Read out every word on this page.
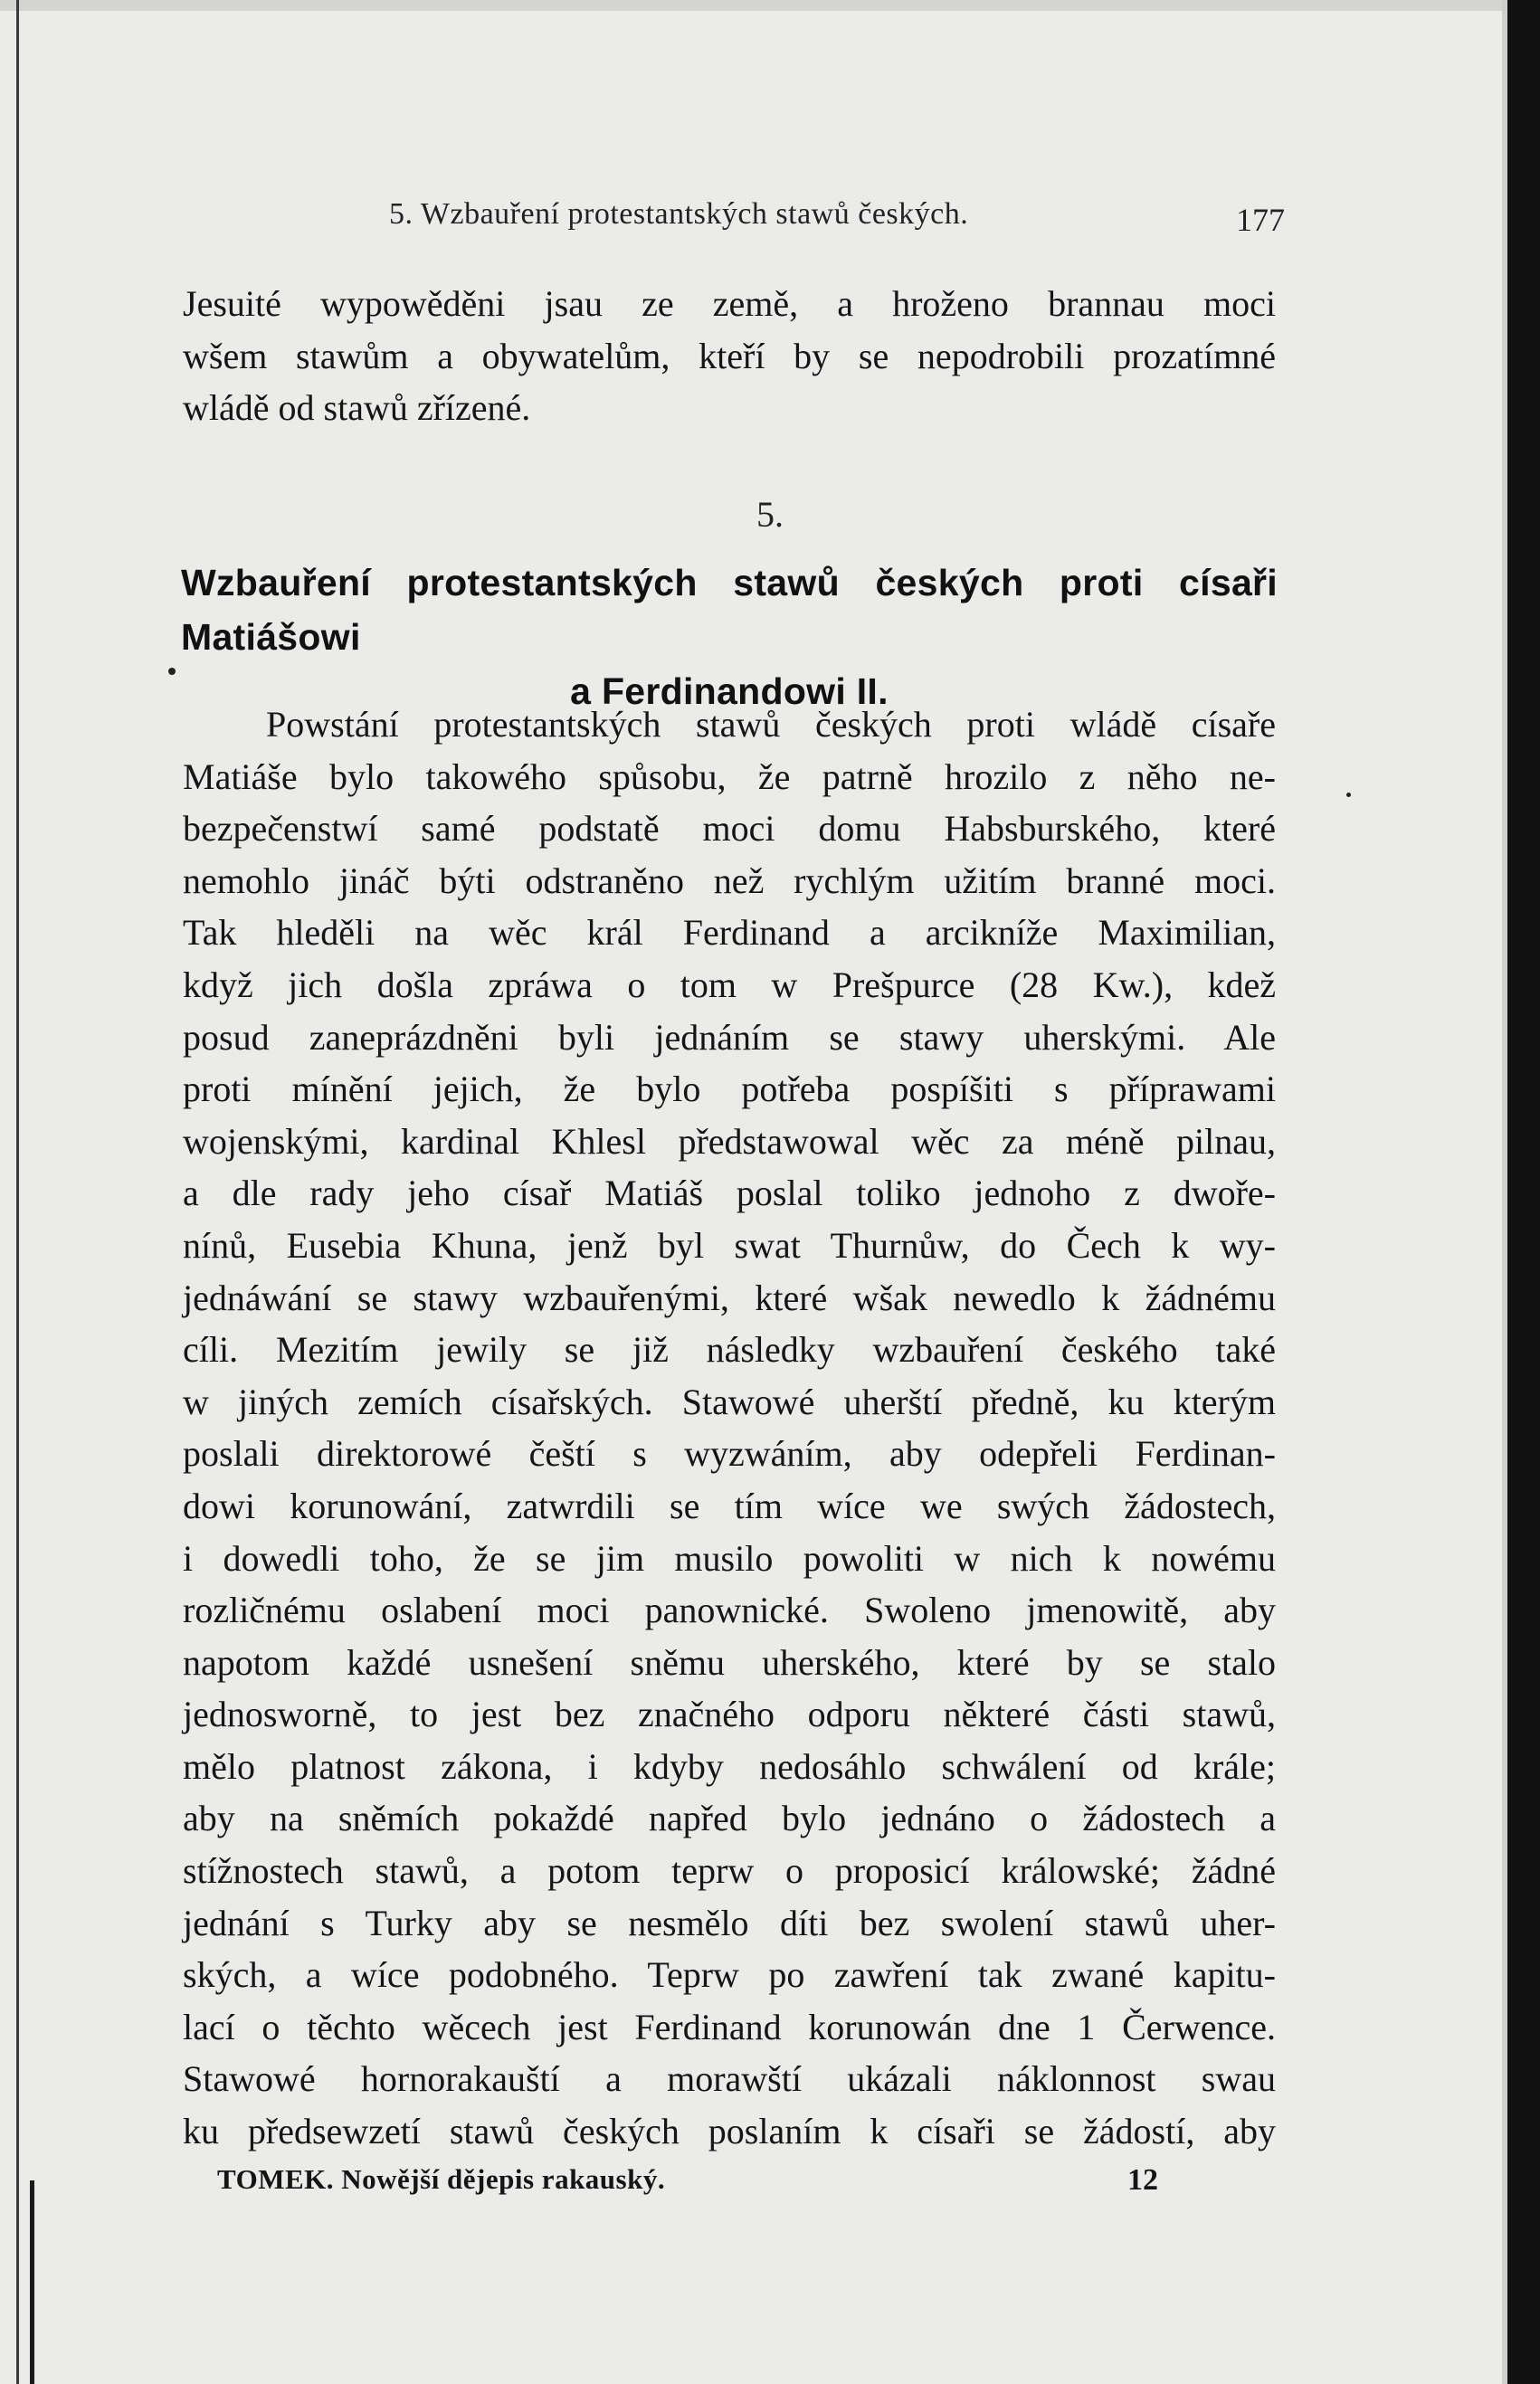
5. Wzbauření protestantských stawů českých.	177

Jesuité wypowěděni jsau ze země, a hroženo brannau moci

wšem stawům a obywatelům, kteří by se nepodrobili prozatímné

wládě od stawů zřízené.

5.
Wzbauření protestantských stawů českých proti císaři Matiášowi
a Ferdinandowi II.

Powstání protestantských stawů českých proti wládě císaře

Matiáše bylo takowého spůsobu, že patrně hrozilo z něho ne-

bezpečenstwí samé podstatě moci domu Habsburského, které

nemohlo jináč býti odstraněno než rychlým užitím branné moci.

Tak hleděli na wěc král Ferdinand a arcikníže Maximilian,

když jich došla zpráwa o tom w Prešpurce (28 Kw.), kdež

posud zaneprázdněni byli jednáním se stawy uherskými. Ale

proti mínění jejich, že bylo potřeba pospíšiti s příprawami

wojenskými, kardinal Khlesl předstawowal wěc za méně pilnau,

a dle rady jeho císař Matiáš poslal toliko jednoho z dwoře-

nínů, Eusebia Khuna, jenž byl swat Thurnůw, do Čech k wy-

jednáwání se stawy wzbauřenými, které wšak newedlo k žádnému

cíli. Mezitím jewily se již následky wzbauření českého také

w jiných zemích císařských. Stawowé uherští předně, ku kterým

poslali direktorowé čeští s wyzwáním, aby odepřeli Ferdinan-

dowi korunowání, zatwrdili se tím wíce we swých žádostech,

i dowedli toho, že se jim musilo powoliti w nich k nowému

rozličnému oslabení moci panownické. Swoleno jmenowitě, aby

napotom každé usnešení sněmu uherského, které by se stalo

jednosworně, to jest bez značného odporu některé části stawů,

mělo platnost zákona, i kdyby nedosáhlo schwálení od krále;

aby na sněmích pokaždé napřed bylo jednáno o žádostech a

stížnostech stawů, a potom teprw o proposicí králowské; žádné

jednání s Turky aby se nesmělo díti bez swolení stawů uher-

ských, a wíce podobného. Teprw po zawření tak zwané kapitu-

lací o těchto wěcech jest Ferdinand korunowán dne 1 Čerwence.

Stawowé hornorakauští a morawští ukázali náklonnost swau

ku předsewzetí stawů českých poslaním k císaři se žádostí, aby

TOMEK. Nowější dějepis rakauský.	12
